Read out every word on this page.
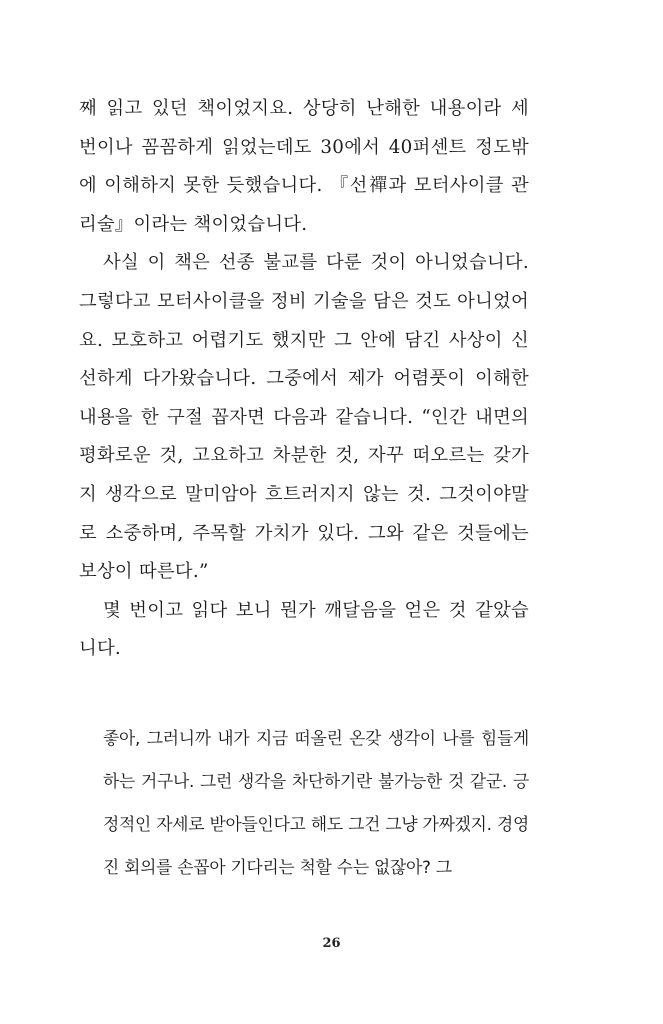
째 읽고 있던 책이었지요. 상당히 난해한 내용이라 세 번이나 꼼꼼하게 읽었는데도 30에서 40퍼센트 정도밖에 이해하지 못한 듯했습니다. 『선禪과 모터사이클 관리술』이라는 책이었습니다.

사실 이 책은 선종 불교를 다룬 것이 아니었습니다. 그렇다고 모터사이클을 정비 기술을 담은 것도 아니었어요. 모호하고 어렵기도 했지만 그 안에 담긴 사상이 신선하게 다가왔습니다. 그중에서 제가 어렴풋이 이해한 내용을 한 구절 꼽자면 다음과 같습니다. “인간 내면의 평화로운 것, 고요하고 차분한 것, 자꾸 떠오르는 갖가지 생각으로 말미암아 흐트러지지 않는 것. 그것이야말로 소중하며, 주목할 가치가 있다. 그와 같은 것들에는 보상이 따른다.”

몇 번이고 읽다 보니 뭔가 깨달음을 얻은 것 같았습니다.

좋아, 그러니까 내가 지금 떠올린 온갖 생각이 나를 힘들게 하는 거구나. 그런 생각을 차단하기란 불가능한 것 같군. 긍정적인 자세로 받아들인다고 해도 그건 그냥 가짜겠지. 경영진 회의를 손꼽아 기다리는 척할 수는 없잖아? 그

26
